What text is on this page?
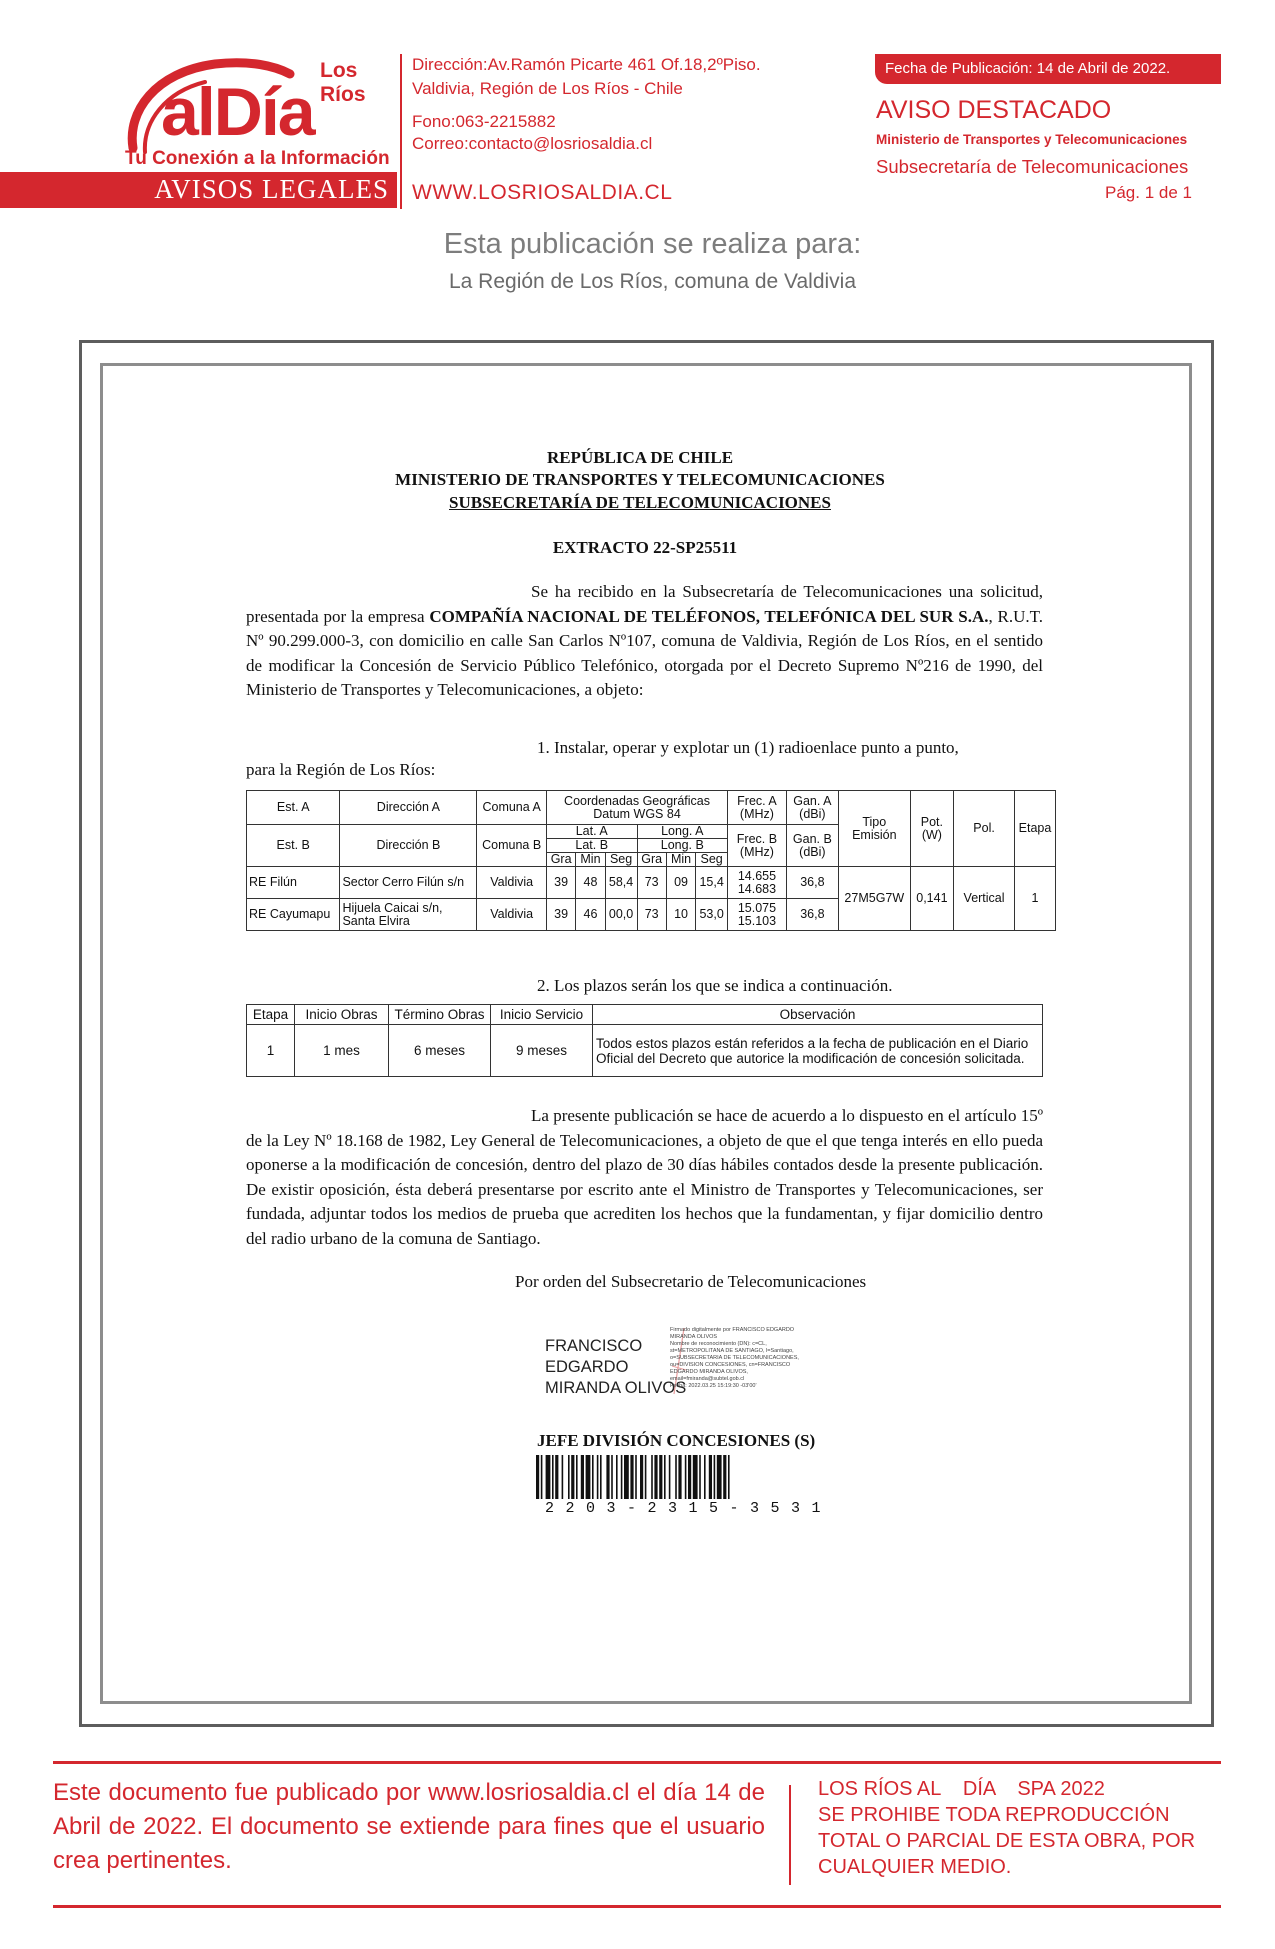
Los Ríos
alDía
Tu Conexión a la Información
AVISOS LEGALES
Dirección:Av.Ramón Picarte 461 Of.18,2ºPiso.
Valdivia, Región de Los Ríos - Chile
Fono:063-2215882
Correo:contacto@losriosaldia.cl
WWW.LOSRIOSALDIA.CL
Fecha de Publicación: 14 de Abril de 2022.
AVISO DESTACADO
Ministerio de Transportes y Telecomunicaciones
Subsecretaría de Telecomunicaciones
Pág. 1 de 1
Esta publicación se realiza para:
La Región de Los Ríos, comuna de Valdivia
REPÚBLICA DE CHILE
MINISTERIO DE TRANSPORTES Y TELECOMUNICACIONES
SUBSECRETARÍA DE TELECOMUNICACIONES
EXTRACTO 22-SP25511
Se ha recibido en la Subsecretaría de Telecomunicaciones una solicitud, presentada por la empresa COMPAÑÍA NACIONAL DE TELÉFONOS, TELEFÓNICA DEL SUR S.A., R.U.T. Nº 90.299.000-3, con domicilio en calle San Carlos Nº107, comuna de Valdivia, Región de Los Ríos, en el sentido de modificar la Concesión de Servicio Público Telefónico, otorgada por el Decreto Supremo Nº216 de 1990, del Ministerio de Transportes y Telecomunicaciones, a objeto:
1. Instalar, operar y explotar un (1) radioenlace punto a punto,
para la Región de Los Ríos:
Est. A	Dirección A	Comuna A	Coordenadas Geográficas Datum WGS 84						Frec. A (MHz)	Gan. A (dBi)	Tipo Emisión	Pot. (W)	Pol.	Etapa
Est. B	Dirección B	Comuna B	Lat. A			Long. A			Frec. B (MHz)	Gan. B (dBi)				
			Lat. B			Long. B								
			Gra	Min	Seg	Gra	Min	Seg						
RE Filún	Sector Cerro Filún s/n	Valdivia	39	48	58,4	73	09	15,4	14.655 14.683	36,8	27M5G7W	0,141	Vertical	1
RE Cayumapu	Hijuela Caicai s/n, Santa Elvira	Valdivia	39	46	00,0	73	10	53,0	15.075 15.103	36,8				
2. Los plazos serán los que se indica a continuación.
Etapa	Inicio Obras	Término Obras	Inicio Servicio	Observación
1	1 mes	6 meses	9 meses	Todos estos plazos están referidos a la fecha de publicación en el Diario Oficial del Decreto que autorice la modificación de concesión solicitada.
La presente publicación se hace de acuerdo a lo dispuesto en el artículo 15º de la Ley Nº 18.168 de 1982, Ley General de Telecomunicaciones, a objeto de que el que tenga interés en ello pueda oponerse a la modificación de concesión, dentro del plazo de 30 días hábiles contados desde la presente publicación. De existir oposición, ésta deberá presentarse por escrito ante el Ministro de Transportes y Telecomunicaciones, ser fundada, adjuntar todos los medios de prueba que acrediten los hechos que la fundamentan, y fijar domicilio dentro del radio urbano de la comuna de Santiago.
Por orden del Subsecretario de Telecomunicaciones
FRANCISCO
EDGARDO
MIRANDA OLIVOS
Firmado digitalmente por FRANCISCO EDGARDO
MIRANDA OLIVOS
Nombre de reconocimiento (DN): c=CL,
st=METROPOLITANA DE SANTIAGO, l=Santiago,
o=SUBSECRETARIA DE TELECOMUNICACIONES,
ou=DIVISION CONCESIONES, cn=FRANCISCO
EDGARDO MIRANDA OLIVOS,
email=fmiranda@subtel.gob.cl
Fecha: 2022.03.25 15:19:30 -03'00'
JEFE DIVISIÓN CONCESIONES (S)
2203-2315-3531
Este documento fue publicado por www.losriosaldia.cl el día 14 de Abril de 2022. El documento se extiende para fines que el usuario crea pertinentes.
LOS RÍOS AL    DÍA    SPA 2022
SE PROHIBE TODA REPRODUCCIÓN
TOTAL O PARCIAL DE ESTA OBRA, POR
CUALQUIER MEDIO.
